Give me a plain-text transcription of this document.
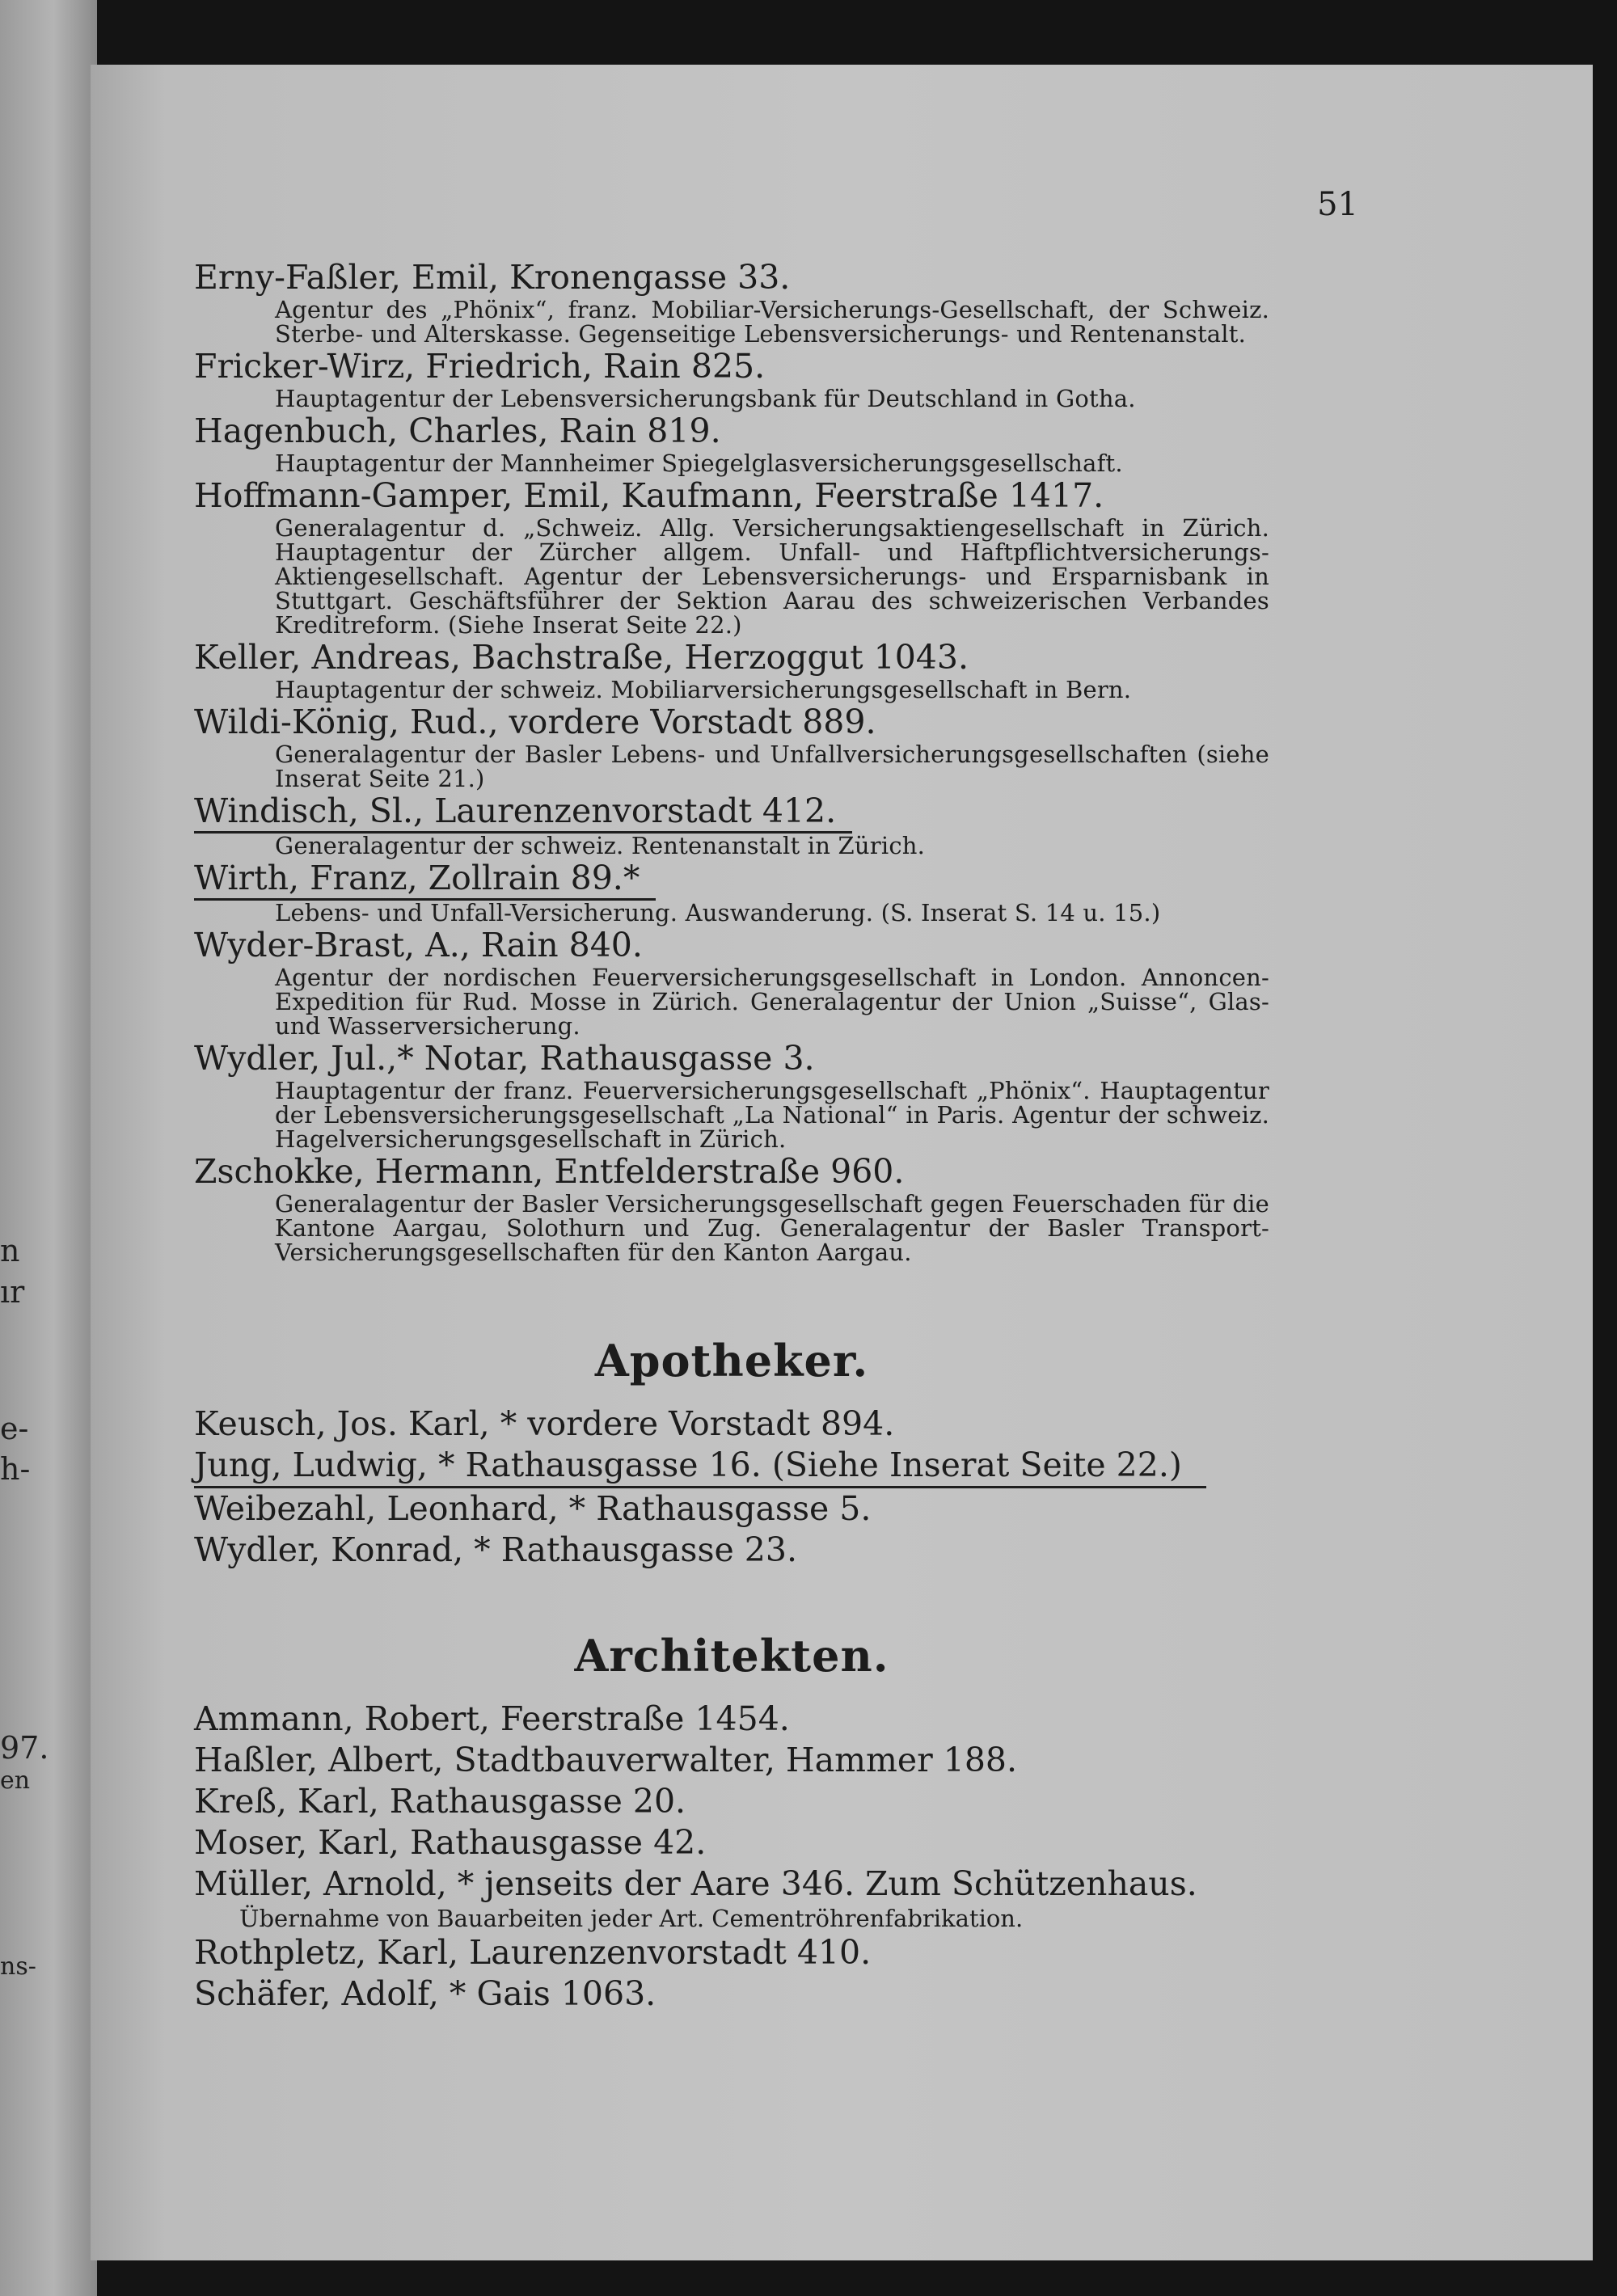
n
ır
e-
h-
97.
en
ns-
51
Erny-Faßler, Emil, Kronengasse 33.
Agentur des „Phönix“, franz. Mobiliar-Versicherungs-Gesellschaft, der Schweiz. Sterbe- und Alterskasse. Gegenseitige Lebensversicherungs- und Rentenanstalt.
Fricker-Wirz, Friedrich, Rain 825.
Hauptagentur der Lebensversicherungsbank für Deutschland in Gotha.
Hagenbuch, Charles, Rain 819.
Hauptagentur der Mannheimer Spiegelglasversicherungsgesellschaft.
Hoffmann-Gamper, Emil, Kaufmann, Feerstraße 1417.
Generalagentur d. „Schweiz. Allg. Versicherungsaktiengesellschaft in Zürich. Hauptagentur der Zürcher allgem. Unfall- und Haftpflichtversicherungs-Aktiengesellschaft. Agentur der Lebensversicherungs- und Ersparnisbank in Stuttgart. Geschäftsführer der Sektion Aarau des schweizerischen Verbandes Kreditreform. (Siehe Inserat Seite 22.)
Keller, Andreas, Bachstraße, Herzoggut 1043.
Hauptagentur der schweiz. Mobiliarversicherungsgesellschaft in Bern.
Wildi-König, Rud., vordere Vorstadt 889.
Generalagentur der Basler Lebens- und Unfallversicherungsgesellschaften (siehe Inserat Seite 21.)
Windisch, Sl., Laurenzenvorstadt 412.
Generalagentur der schweiz. Rentenanstalt in Zürich.
Wirth, Franz, Zollrain 89.*
Lebens- und Unfall-Versicherung. Auswanderung. (S. Inserat S. 14 u. 15.)
Wyder-Brast, A., Rain 840.
Agentur der nordischen Feuerversicherungsgesellschaft in London. Annoncen-Expedition für Rud. Mosse in Zürich. Generalagentur der Union „Suisse“, Glas- und Wasserversicherung.
Wydler, Jul.,* Notar, Rathausgasse 3.
Hauptagentur der franz. Feuerversicherungsgesellschaft „Phönix“. Hauptagentur der Lebensversicherungsgesellschaft „La National“ in Paris. Agentur der schweiz. Hagelversicherungsgesellschaft in Zürich.
Zschokke, Hermann, Entfelderstraße 960.
Generalagentur der Basler Versicherungsgesellschaft gegen Feuerschaden für die Kantone Aargau, Solothurn und Zug. Generalagentur der Basler Transport-Versicherungsgesellschaften für den Kanton Aargau.
Apotheker.
Keusch, Jos. Karl, * vordere Vorstadt 894.
Jung, Ludwig, * Rathausgasse 16. (Siehe Inserat Seite 22.)
Weibezahl, Leonhard, * Rathausgasse 5.
Wydler, Konrad, * Rathausgasse 23.
Architekten.
Ammann, Robert, Feerstraße 1454.
Haßler, Albert, Stadtbauverwalter, Hammer 188.
Kreß, Karl, Rathausgasse 20.
Moser, Karl, Rathausgasse 42.
Müller, Arnold, * jenseits der Aare 346. Zum Schützenhaus.
Übernahme von Bauarbeiten jeder Art. Cementröhrenfabrikation.
Rothpletz, Karl, Laurenzenvorstadt 410.
Schäfer, Adolf, * Gais 1063.
